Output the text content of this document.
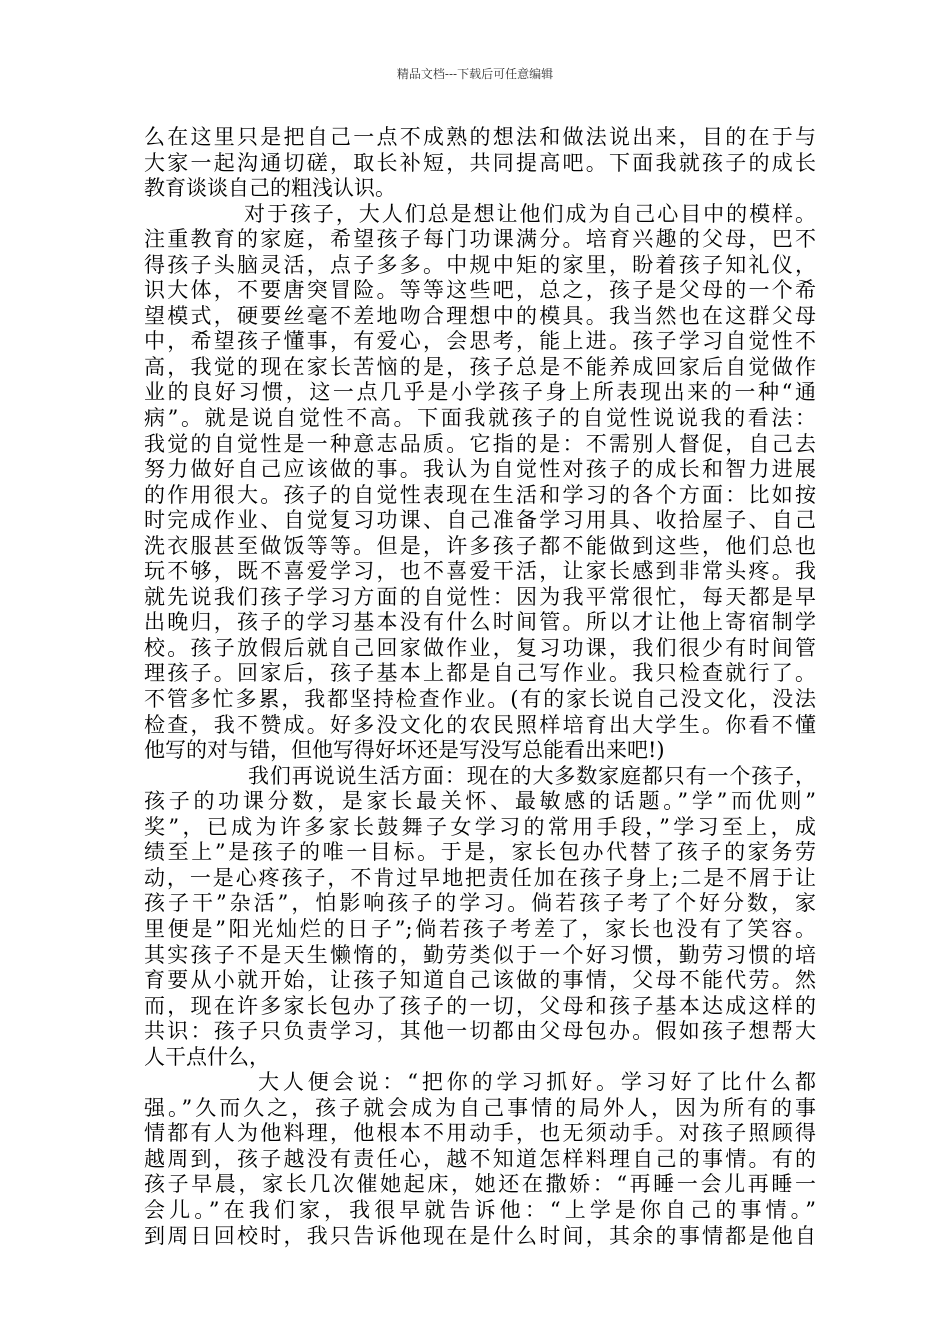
精品文档---下载后可任意编辑
么在这里只是把自己一点不成熟的想法和做法说出来，目的在于与
大家一起沟通切磋，取长补短，共同提高吧。下面我就孩子的成长
教育谈谈自己的粗浅认识。
对于孩子，大人们总是想让他们成为自己心目中的模样。
注重教育的家庭，希望孩子每门功课满分。培育兴趣的父母，巴不
得孩子头脑灵活，点子多多。中规中矩的家里，盼着孩子知礼仪，
识大体，不要唐突冒险。等等这些吧，总之，孩子是父母的一个希
望模式，硬要丝毫不差地吻合理想中的模具。我当然也在这群父母
中，希望孩子懂事，有爱心，会思考，能上进。孩子学习自觉性不
高，我觉的现在家长苦恼的是，孩子总是不能养成回家后自觉做作
业的良好习惯，这一点几乎是小学孩子身上所表现出来的一种“通
病”。就是说自觉性不高。下面我就孩子的自觉性说说我的看法：
我觉的自觉性是一种意志品质。它指的是：不需别人督促，自己去
努力做好自己应该做的事。我认为自觉性对孩子的成长和智力进展
的作用很大。孩子的自觉性表现在生活和学习的各个方面：比如按
时完成作业、自觉复习功课、自己准备学习用具、收拾屋子、自己
洗衣服甚至做饭等等。但是，许多孩子都不能做到这些，他们总也
玩不够，既不喜爱学习，也不喜爱干活，让家长感到非常头疼。我
就先说我们孩子学习方面的自觉性：因为我平常很忙，每天都是早
出晚归，孩子的学习基本没有什么时间管。所以才让他上寄宿制学
校。孩子放假后就自己回家做作业，复习功课，我们很少有时间管
理孩子。回家后，孩子基本上都是自己写作业。我只检查就行了。
不管多忙多累，我都坚持检查作业。(有的家长说自己没文化，没法
检查，我不赞成。好多没文化的农民照样培育出大学生。你看不懂
他写的对与错，但他写得好坏还是写没写总能看出来吧!)
我们再说说生活方面：现在的大多数家庭都只有一个孩子，
孩子的功课分数，是家长最关怀、最敏感的话题。”学”而优则”
奖”，已成为许多家长鼓舞子女学习的常用手段，”学习至上，成
绩至上”是孩子的唯一目标。于是，家长包办代替了孩子的家务劳
动，一是心疼孩子，不肯过早地把责任加在孩子身上;二是不屑于让
孩子干”杂活”，怕影响孩子的学习。倘若孩子考了个好分数，家
里便是”阳光灿烂的日子”;倘若孩子考差了，家长也没有了笑容。
其实孩子不是天生懒惰的，勤劳类似于一个好习惯，勤劳习惯的培
育要从小就开始，让孩子知道自己该做的事情，父母不能代劳。然
而，现在许多家长包办了孩子的一切，父母和孩子基本达成这样的
共识：孩子只负责学习，其他一切都由父母包办。假如孩子想帮大
人干点什么，
大人便会说：“把你的学习抓好。学习好了比什么都
强。”久而久之，孩子就会成为自己事情的局外人，因为所有的事
情都有人为他料理，他根本不用动手，也无须动手。对孩子照顾得
越周到，孩子越没有责任心，越不知道怎样料理自己的事情。有的
孩子早晨，家长几次催她起床，她还在撒娇：“再睡一会儿再睡一
会儿。”在我们家，我很早就告诉他：“上学是你自己的事情。”
到周日回校时，我只告诉他现在是什么时间，其余的事情都是他自
